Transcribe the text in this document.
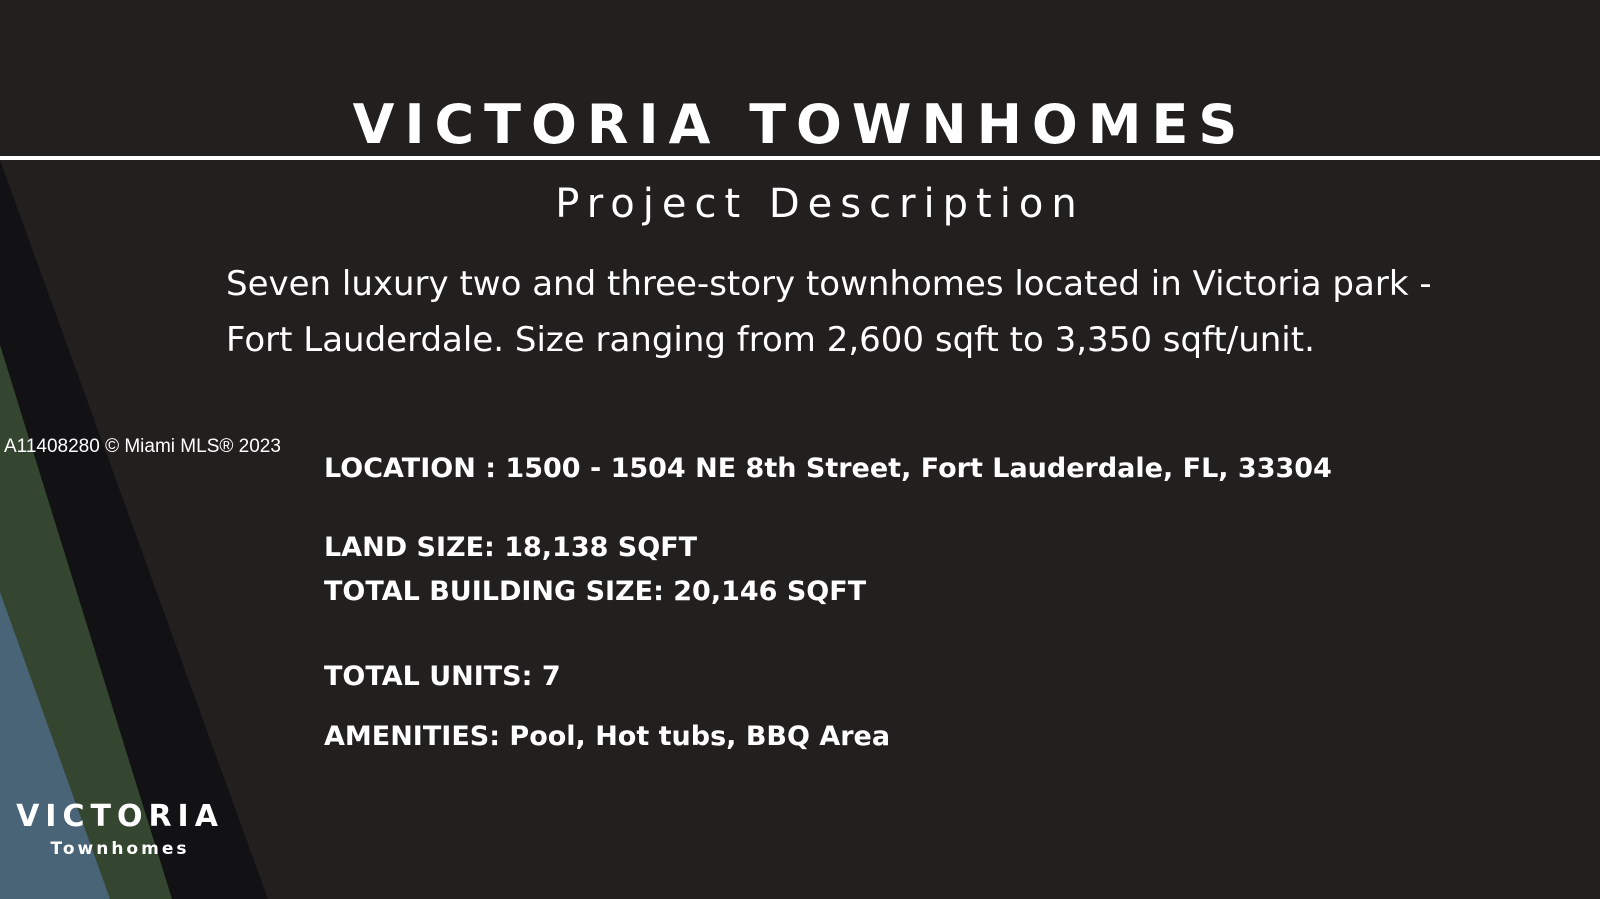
VICTORIA TOWNHOMES
Project Description
Seven luxury two and three-story townhomes located in Victoria park -
Fort Lauderdale. Size ranging from 2,600 sqft to 3,350 sqft/unit.
A11408280 © Miami MLS® 2023
LOCATION : 1500 - 1504 NE 8th Street, Fort Lauderdale, FL, 33304
LAND SIZE: 18,138 SQFT
TOTAL BUILDING SIZE: 20,146 SQFT
TOTAL UNITS: 7
AMENITIES: Pool, Hot tubs, BBQ Area
VICTORIA
Townhomes
